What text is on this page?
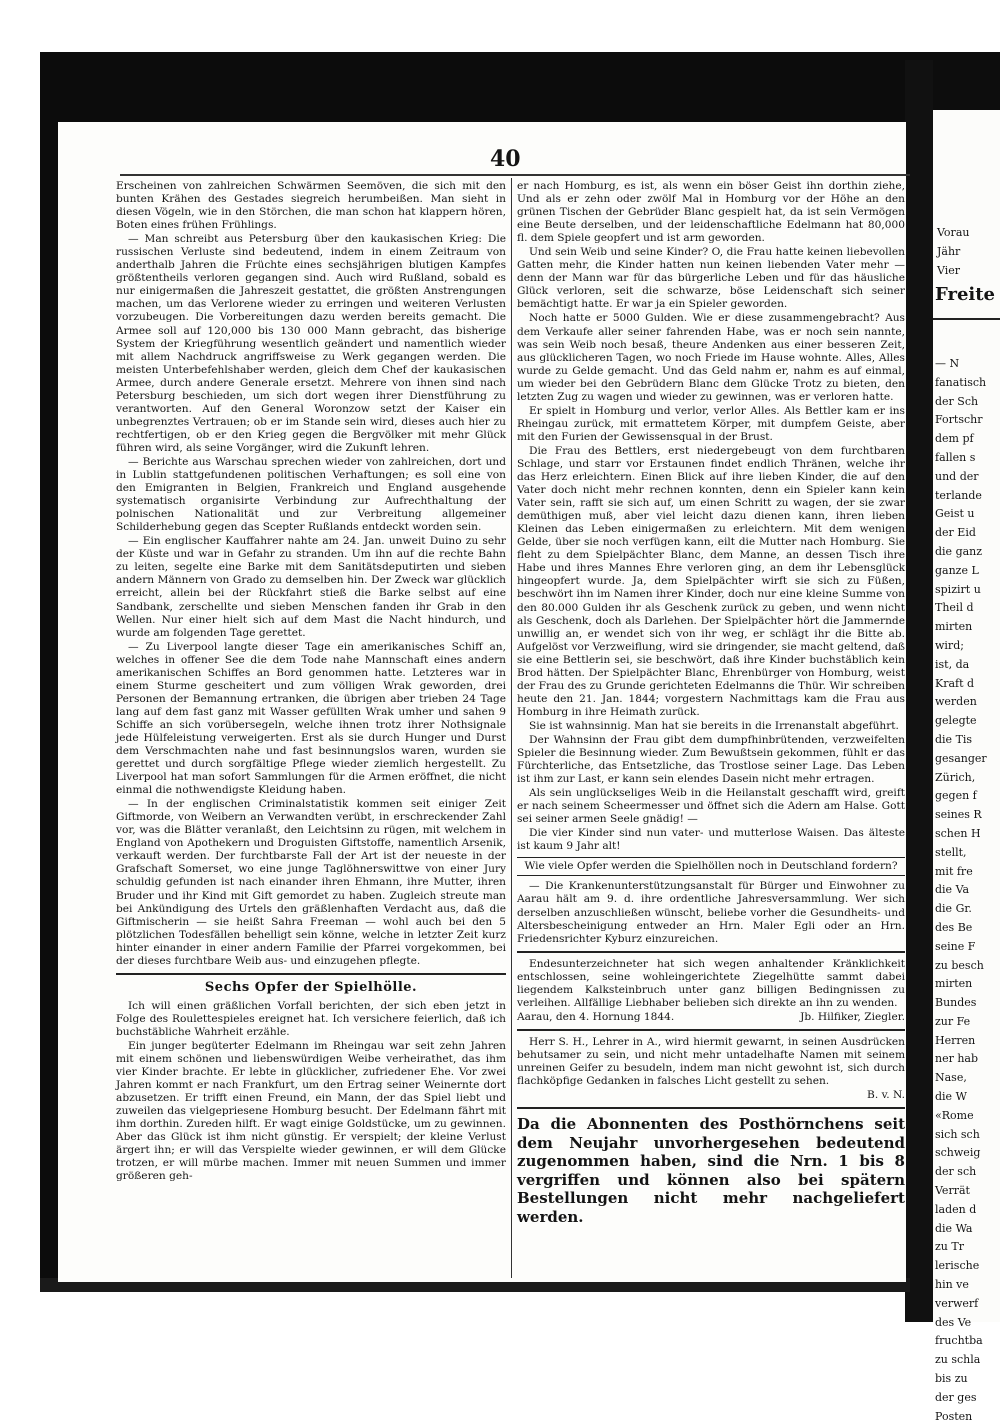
40

Erscheinen von zahlreichen Schwärmen Seemöven, die sich mit den bunten Krähen des Gestades siegreich herumbeißen. Man sieht in diesen Vögeln, wie in den Störchen, die man schon hat klappern hören, Boten eines frühen Frühlings.

— Man schreibt aus Petersburg über den kaukasischen Krieg: Die russischen Verluste sind bedeutend, indem in einem Zeitraum von anderthalb Jahren die Früchte eines sechsjährigen blutigen Kampfes größtentheils verloren gegangen sind. Auch wird Rußland, sobald es nur einigermaßen die Jahreszeit gestattet, die größten Anstrengungen machen, um das Verlorene wieder zu erringen und weiteren Verlusten vorzubeugen. Die Vorbereitungen dazu werden bereits gemacht. Die Armee soll auf 120,000 bis 130 000 Mann gebracht, das bisherige System der Kriegführung wesentlich geändert und namentlich wieder mit allem Nachdruck angriffsweise zu Werk gegangen werden. Die meisten Unterbefehlshaber werden, gleich dem Chef der kaukasischen Armee, durch andere Generale ersetzt. Mehrere von ihnen sind nach Petersburg beschieden, um sich dort wegen ihrer Dienstführung zu verantworten. Auf den General Woronzow setzt der Kaiser ein unbegrenztes Vertrauen; ob er im Stande sein wird, dieses auch hier zu rechtfertigen, ob er den Krieg gegen die Bergvölker mit mehr Glück führen wird, als seine Vorgänger, wird die Zukunft lehren.

— Berichte aus Warschau sprechen wieder von zahlreichen, dort und in Lublin stattgefundenen politischen Verhaftungen; es soll eine von den Emigranten in Belgien, Frankreich und England ausgehende systematisch organisirte Verbindung zur Aufrechthaltung der polnischen Nationalität und zur Verbreitung allgemeiner Schilderhebung gegen das Scepter Rußlands entdeckt worden sein.

— Ein englischer Kauffahrer nahte am 24. Jan. unweit Duino zu sehr der Küste und war in Gefahr zu stranden. Um ihn auf die rechte Bahn zu leiten, segelte eine Barke mit dem Sanitätsdeputirten und sieben andern Männern von Grado zu demselben hin. Der Zweck war glücklich erreicht, allein bei der Rückfahrt stieß die Barke selbst auf eine Sandbank, zerschellte und sieben Menschen fanden ihr Grab in den Wellen. Nur einer hielt sich auf dem Mast die Nacht hindurch, und wurde am folgenden Tage gerettet.

— Zu Liverpool langte dieser Tage ein amerikanisches Schiff an, welches in offener See die dem Tode nahe Mannschaft eines andern amerikanischen Schiffes an Bord genommen hatte. Letzteres war in einem Sturme gescheitert und zum völligen Wrak geworden, drei Personen der Bemannung ertranken, die übrigen aber trieben 24 Tage lang auf dem fast ganz mit Wasser gefüllten Wrak umher und sahen 9 Schiffe an sich vorübersegeln, welche ihnen trotz ihrer Nothsignale jede Hülfeleistung verweigerten. Erst als sie durch Hunger und Durst dem Verschmachten nahe und fast besinnungslos waren, wurden sie gerettet und durch sorgfältige Pflege wieder ziemlich hergestellt. Zu Liverpool hat man sofort Sammlungen für die Armen eröffnet, die nicht einmal die nothwendigste Kleidung haben.

— In der englischen Criminalstatistik kommen seit einiger Zeit Giftmorde, von Weibern an Verwandten verübt, in erschreckender Zahl vor, was die Blätter veranlaßt, den Leichtsinn zu rügen, mit welchem in England von Apothekern und Droguisten Giftstoffe, namentlich Arsenik, verkauft werden. Der furchtbarste Fall der Art ist der neueste in der Grafschaft Somerset, wo eine junge Taglöhnerswittwe von einer Jury schuldig gefunden ist nach einander ihren Ehmann, ihre Mutter, ihren Bruder und ihr Kind mit Gift gemordet zu haben. Zugleich streute man bei Ankündigung des Urtels den gräßlenhaften Verdacht aus, daß die Giftmischerin — sie heißt Sahra Freeman — wohl auch bei den 5 plötzlichen Todesfällen behelligt sein könne, welche in letzter Zeit kurz hinter einander in einer andern Familie der Pfarrei vorgekommen, bei der dieses furchtbare Weib aus- und einzugehen pflegte.

Sechs Opfer der Spielhölle.

Ich will einen gräßlichen Vorfall berichten, der sich eben jetzt in Folge des Roulettespieles ereignet hat. Ich versichere feierlich, daß ich buchstäbliche Wahrheit erzähle.

Ein junger begüterter Edelmann im Rheingau war seit zehn Jahren mit einem schönen und liebenswürdigen Weibe verheirathet, das ihm vier Kinder brachte. Er lebte in glücklicher, zufriedener Ehe. Vor zwei Jahren kommt er nach Frankfurt, um den Ertrag seiner Weinernte dort abzusetzen. Er trifft einen Freund, ein Mann, der das Spiel liebt und zuweilen das vielgepriesene Homburg besucht. Der Edelmann fährt mit ihm dorthin. Zureden hilft. Er wagt einige Goldstücke, um zu gewinnen. Aber das Glück ist ihm nicht günstig. Er verspielt; der kleine Verlust ärgert ihn; er will das Verspielte wieder gewinnen, er will dem Glücke trotzen, er will mürbe machen. Immer mit neuen Summen und immer größeren geh-

er nach Homburg, es ist, als wenn ein böser Geist ihn dorthin ziehe, Und als er zehn oder zwölf Mal in Homburg vor der Höhe an den grünen Tischen der Gebrüder Blanc gespielt hat, da ist sein Vermögen eine Beute derselben, und der leidenschaftliche Edelmann hat 80,000 fl. dem Spiele geopfert und ist arm geworden.

Und sein Weib und seine Kinder? O, die Frau hatte keinen liebevollen Gatten mehr, die Kinder hatten nun keinen liebenden Vater mehr — denn der Mann war für das bürgerliche Leben und für das häusliche Glück verloren, seit die schwarze, böse Leidenschaft sich seiner bemächtigt hatte. Er war ja ein Spieler geworden.

Noch hatte er 5000 Gulden. Wie er diese zusammengebracht? Aus dem Verkaufe aller seiner fahrenden Habe, was er noch sein nannte, was sein Weib noch besaß, theure Andenken aus einer besseren Zeit, aus glücklicheren Tagen, wo noch Friede im Hause wohnte. Alles, Alles wurde zu Gelde gemacht. Und das Geld nahm er, nahm es auf einmal, um wieder bei den Gebrüdern Blanc dem Glücke Trotz zu bieten, den letzten Zug zu wagen und wieder zu gewinnen, was er verloren hatte.

Er spielt in Homburg und verlor, verlor Alles. Als Bettler kam er ins Rheingau zurück, mit ermattetem Körper, mit dumpfem Geiste, aber mit den Furien der Gewissensqual in der Brust.

Die Frau des Bettlers, erst niedergebeugt von dem furchtbaren Schlage, und starr vor Erstaunen findet endlich Thränen, welche ihr das Herz erleichtern. Einen Blick auf ihre lieben Kinder, die auf den Vater doch nicht mehr rechnen konnten, denn ein Spieler kann kein Vater sein, rafft sie sich auf, um einen Schritt zu wagen, der sie zwar demüthigen muß, aber viel leicht dazu dienen kann, ihren lieben Kleinen das Leben einigermaßen zu erleichtern. Mit dem wenigen Gelde, über sie noch verfügen kann, eilt die Mutter nach Homburg. Sie fleht zu dem Spielpächter Blanc, dem Manne, an dessen Tisch ihre Habe und ihres Mannes Ehre verloren ging, an dem ihr Lebensglück hingeopfert wurde. Ja, dem Spielpächter wirft sie sich zu Füßen, beschwört ihn im Namen ihrer Kinder, doch nur eine kleine Summe von den 80.000 Gulden ihr als Geschenk zurück zu geben, und wenn nicht als Geschenk, doch als Darlehen. Der Spielpächter hört die Jammernde unwillig an, er wendet sich von ihr weg, er schlägt ihr die Bitte ab. Aufgelöst vor Verzweiflung, wird sie dringender, sie macht geltend, daß sie eine Bettlerin sei, sie beschwört, daß ihre Kinder buchstäblich kein Brod hätten. Der Spielpächter Blanc, Ehrenbürger von Homburg, weist der Frau des zu Grunde gerichteten Edelmanns die Thür. Wir schreiben heute den 21. Jan. 1844; vorgestern Nachmittags kam die Frau aus Homburg in ihre Heimath zurück.

Sie ist wahnsinnig. Man hat sie bereits in die Irrenanstalt abgeführt.

Der Wahnsinn der Frau gibt dem dumpfhinbrütenden, verzweifelten Spieler die Besinnung wieder. Zum Bewußtsein gekommen, fühlt er das Fürchterliche, das Entsetzliche, das Trostlose seiner Lage. Das Leben ist ihm zur Last, er kann sein elendes Dasein nicht mehr ertragen.

Als sein unglückseliges Weib in die Heilanstalt geschafft wird, greift er nach seinem Scheermesser und öffnet sich die Adern am Halse. Gott sei seiner armen Seele gnädig! —

Die vier Kinder sind nun vater- und mutterlose Waisen. Das älteste ist kaum 9 Jahr alt!

Wie viele Opfer werden die Spielhöllen noch in Deutschland fordern?

— Die Krankenunterstützungsanstalt für Bürger und Einwohner zu Aarau hält am 9. d. ihre ordentliche Jahresversammlung. Wer sich derselben anzuschließen wünscht, beliebe vorher die Gesundheits- und Altersbescheinigung entweder an Hrn. Maler Egli oder an Hrn. Friedensrichter Kyburz einzureichen.

Endesunterzeichneter hat sich wegen anhaltender Kränklichkeit entschlossen, seine wohleingerichtete Ziegelhütte sammt dabei liegendem Kalksteinbruch unter ganz billigen Bedingnissen zu verleihen. Allfällige Liebhaber belieben sich direkte an ihn zu wenden.

Aarau, den 4. Hornung 1844.	Jb. Hilfiker, Ziegler.

Herr S. H., Lehrer in A., wird hiermit gewarnt, in seinen Ausdrücken behutsamer zu sein, und nicht mehr untadelhafte Namen mit seinem unreinen Geifer zu besudeln, indem man nicht gewohnt ist, sich durch flachköpfige Gedanken in falsches Licht gestellt zu sehen.

B. v. N.
Da die Abonnenten des Posthörnchens seit dem Neujahr unvorhergesehen bedeutend zugenommen haben, sind die Nrn. 1 bis 8 vergriffen und können also bei spätern Bestellungen nicht mehr nachgeliefert werden.
Vorau
Jähr
Vier
Freite
— N
fanatisch
der Sch
Fortschr
dem pf
fallen s
und der
terlande
Geist u
der Eid
die ganz
ganze L
spizirt u
Theil d
mirten
wird;
ist, da
Kraft d
werden
gelegte
die Tis
gesanger
Zürich,
gegen f
seines R
schen H
stellt,
mit fre
die Va
die Gr.
des Be
seine F
zu besch
mirten
Bundes
zur Fe
Herren
ner hab
Nase,
die W
«Rome
sich sch
schweig
der sch
Verrät
laden d
die Wa
zu Tr
lerische
hin ve
verwerf
des Ve
fruchtba
zu schla
bis zu
der ges
Posten
